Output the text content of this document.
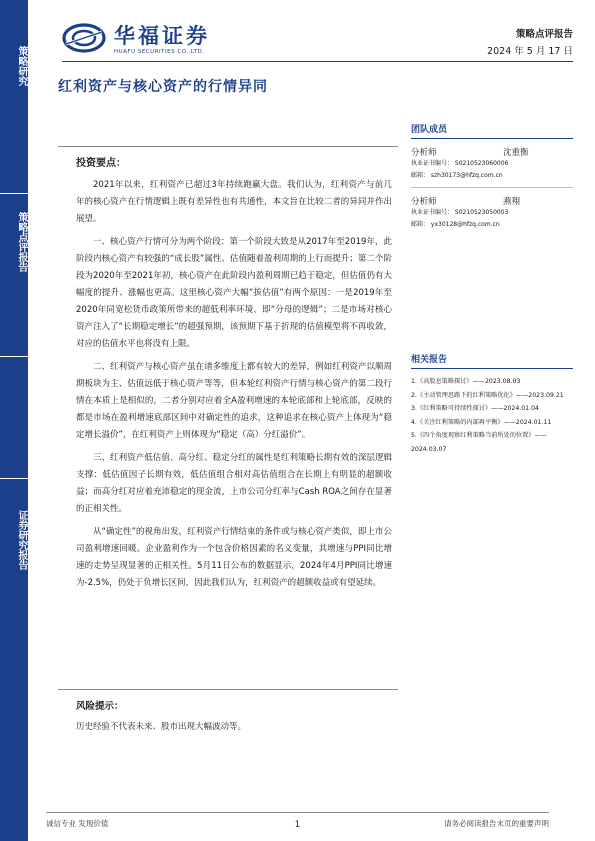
策略研究
策略点评报告
证券研究报告
华福证券
HUAFU SECURITIES CO.,LTD.
策略点评报告
2024 年 5 月 17 日
红利资产与核心资产的行情异同
投资要点：

2021年以来，红利资产已超过3年持续跑赢大盘。我们认为，红利资产与前几年的核心资产在行情逻辑上既有差异性也有共通性，本文旨在比较二者的异同并作出展望。

一、核心资产行情可分为两个阶段：第一个阶段大致是从2017年至2019年，此阶段内核心资产有较强的“成长股”属性、估值随着盈利周期的上行而提升；第二个阶段为2020年至2021年初，核心资产在此阶段内盈利周期已趋于稳定，但估值仍有大幅度的提升、涨幅也更高。这里核心资产大幅“拔估值”有两个原因：一是2019年至2020年同宽松货币政策所带来的超低利率环境，即“分母的逻辑”；二是市场对核心资产注入了“长期稳定增长”的超强预期，该预期下基于折现的估值模型将不再收敛，对应的估值水平也将没有上限。

二、红利资产与核心资产虽在诸多维度上都有较大的差异，例如红利资产以顺周期板块为主、估值远低于核心资产等等，但本轮红利资产行情与核心资产的第二段行情在本质上是相似的，二者分别对应着全A盈利增速的本轮底部和上轮底部，反映的都是市场在盈利增速底部区间中对确定性的追求，这种追求在核心资产上体现为“稳定增长溢价”，在红利资产上则体现为“稳定（高）分红溢价”。

三、红利资产低估值、高分红、稳定分红的属性是红利策略长期有效的深层逻辑支撑：低估值因子长期有效，低估值组合相对高估值组合在长期上有明显的超额收益；而高分红对应着充沛稳定的现金流，上市公司分红率与Cash ROA之间存在显著的正相关性。

从“确定性”的视角出发，红利资产行情结束的条件或与核心资产类似，即上市公司盈利增速回暖。企业盈利作为一个包含价格因素的名义变量，其增速与PPI同比增速的走势呈现显著的正相关性。5月11日公布的数据显示，2024年4月PPI同比增速为-2.5%，仍处于负增长区间，因此我们认为，红利资产的超额收益或有望延续。

风险提示：
历史经验不代表未来、股市出现大幅波动等。
团队成员
分析师	沈重衡
执业证书编号： S0210523060006
邮箱： szh30173@hfzq.com.cn
分析师	燕翔
执业证书编号： S0210523050003
邮箱： yx30128@hfzq.com.cn
相关报告
1.《高股息策略探讨》——2023.08.03
2.《主动管理思路下的红利策略优化》——2023.09.21
3.《红利策略可持续性探讨》——2024.01.04
4.《关注红利策略的内部再平衡》——2024.01.11
5.《四个角度观察红利策略当前所处的位置》——2024.03.07
诚信专业 发现价值	1	请务必阅读报告末页的重要声明
